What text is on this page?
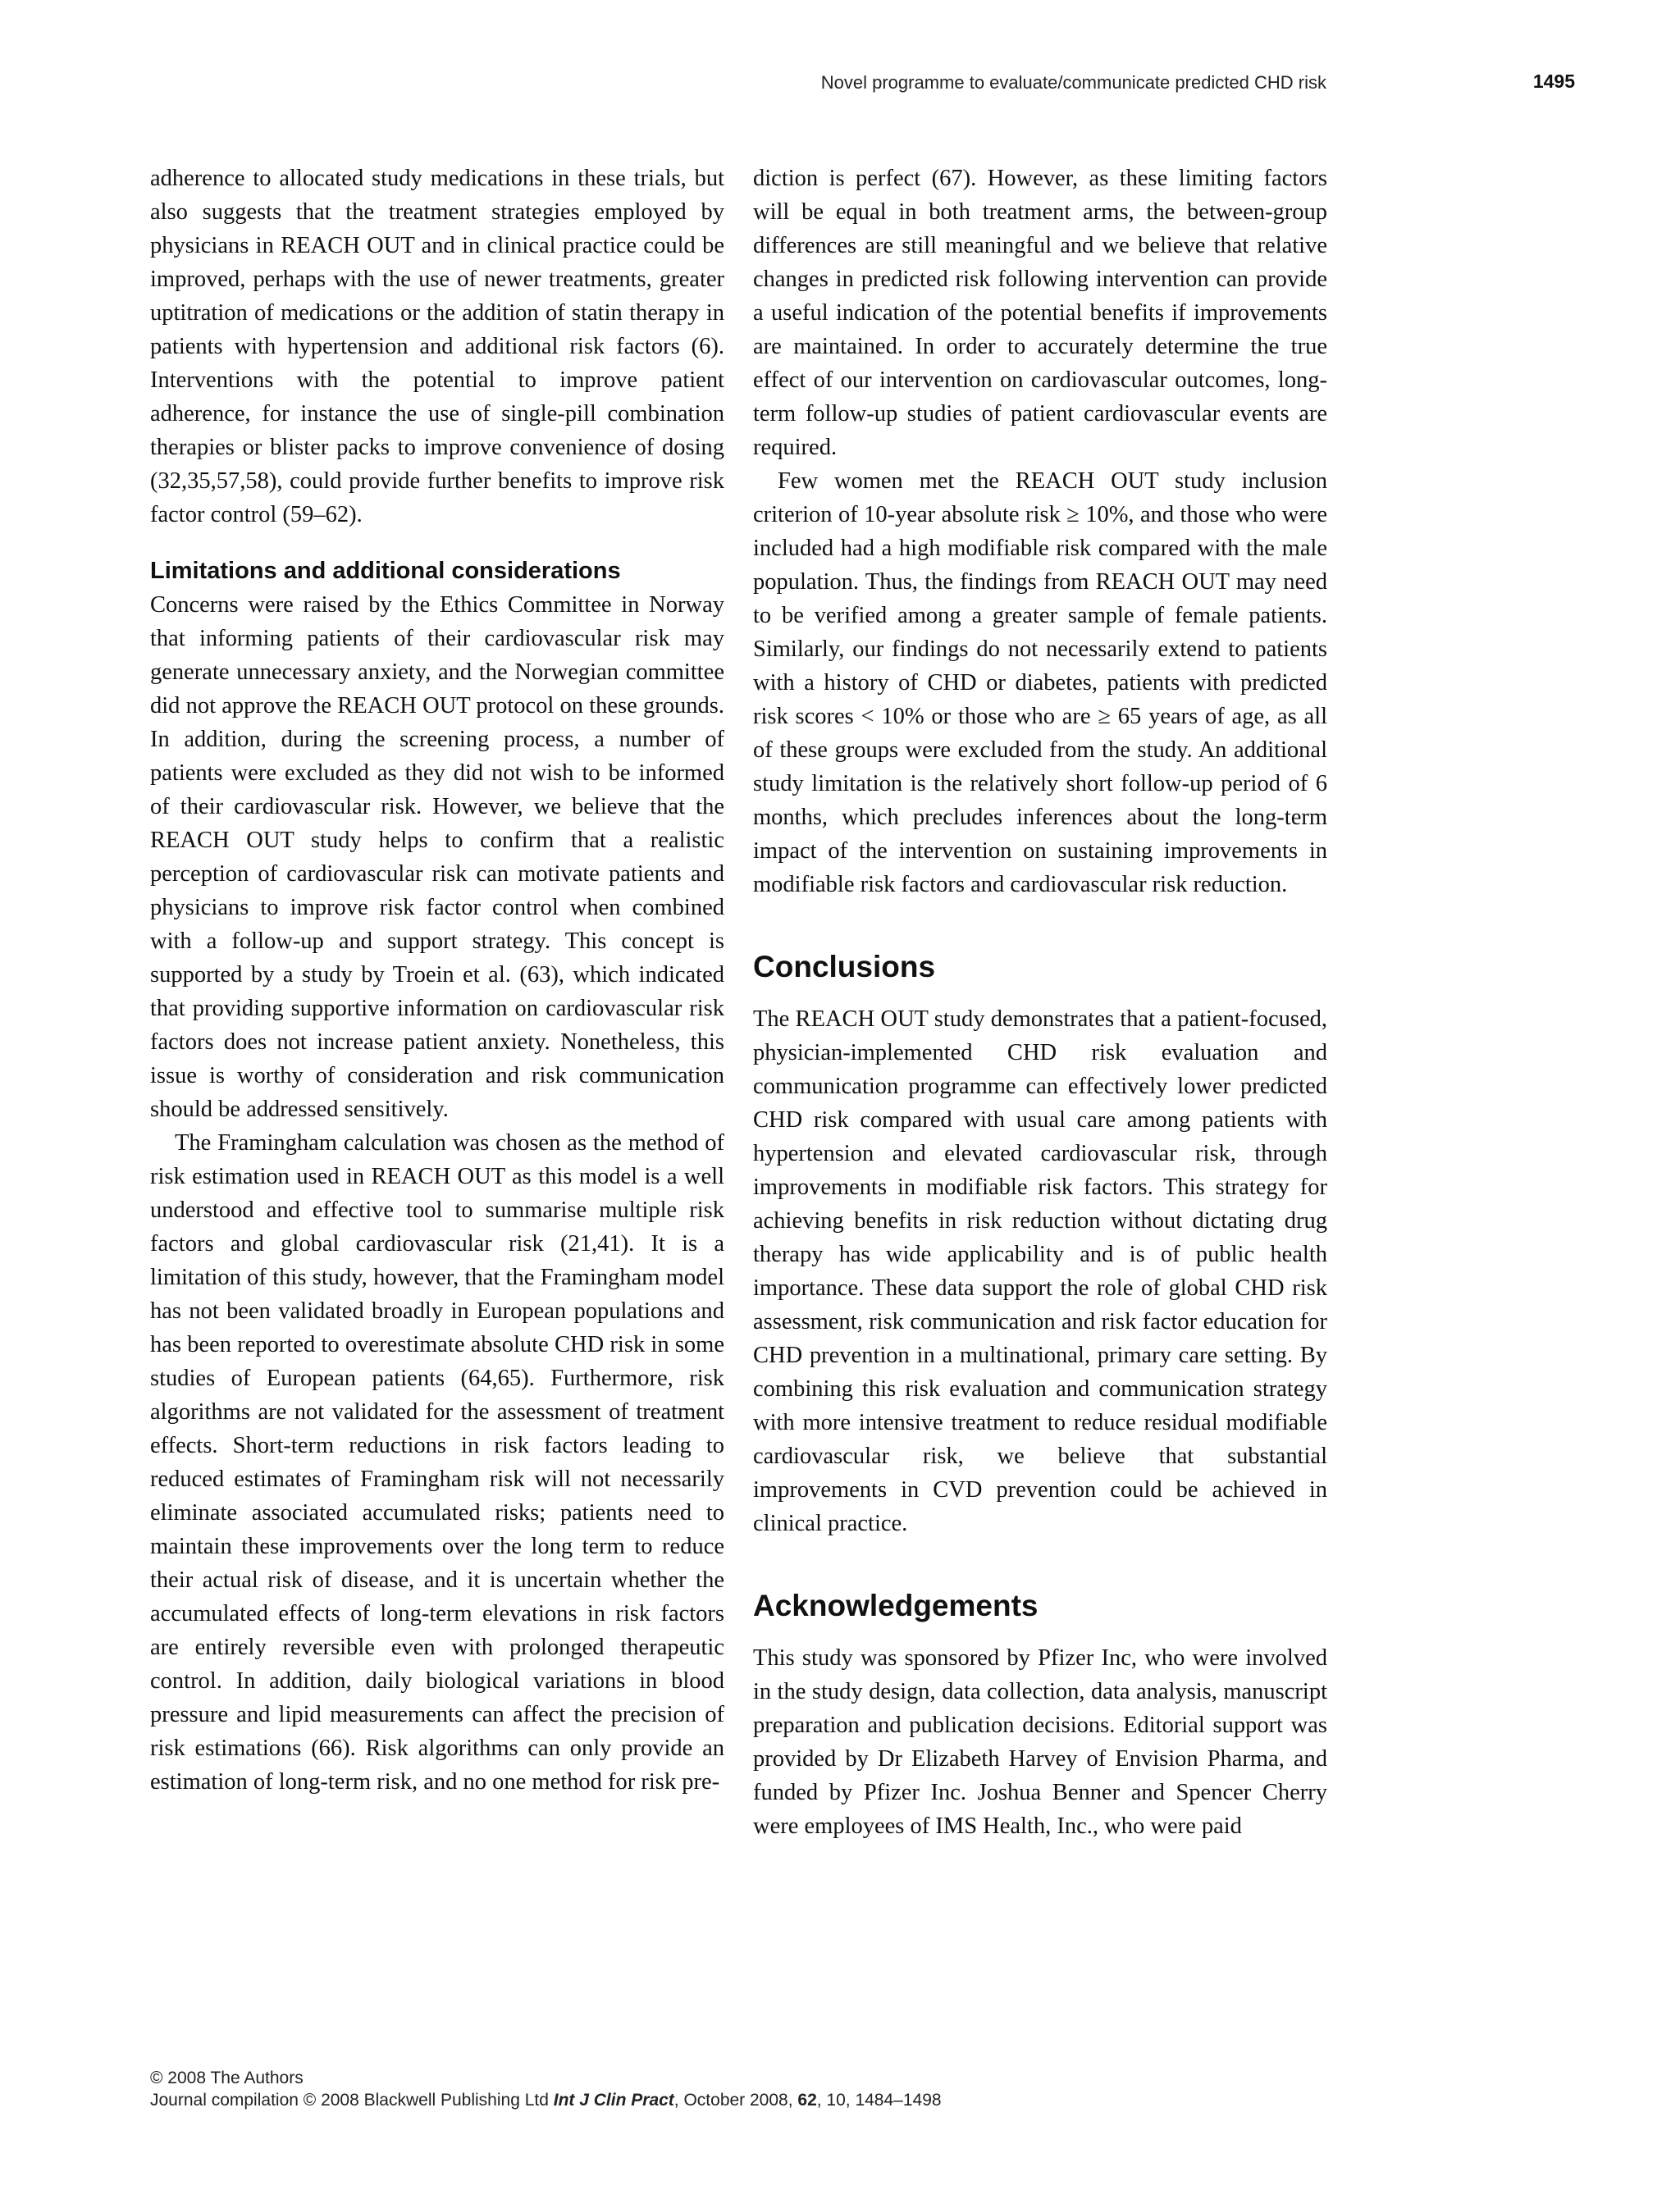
Novel programme to evaluate/communicate predicted CHD risk	1495

adherence to allocated study medications in these trials, but also suggests that the treatment strategies employed by physicians in REACH OUT and in clinical practice could be improved, perhaps with the use of newer treatments, greater uptitration of medications or the addition of statin therapy in patients with hypertension and additional risk factors (6). Interventions with the potential to improve patient adherence, for instance the use of single-pill combination therapies or blister packs to improve convenience of dosing (32,35,57,58), could provide further benefits to improve risk factor control (59–62).

Limitations and additional considerations

Concerns were raised by the Ethics Committee in Norway that informing patients of their cardiovascular risk may generate unnecessary anxiety, and the Norwegian committee did not approve the REACH OUT protocol on these grounds. In addition, during the screening process, a number of patients were excluded as they did not wish to be informed of their cardiovascular risk. However, we believe that the REACH OUT study helps to confirm that a realistic perception of cardiovascular risk can motivate patients and physicians to improve risk factor control when combined with a follow-up and support strategy. This concept is supported by a study by Troein et al. (63), which indicated that providing supportive information on cardiovascular risk factors does not increase patient anxiety. Nonetheless, this issue is worthy of consideration and risk communication should be addressed sensitively.

The Framingham calculation was chosen as the method of risk estimation used in REACH OUT as this model is a well understood and effective tool to summarise multiple risk factors and global cardiovascular risk (21,41). It is a limitation of this study, however, that the Framingham model has not been validated broadly in European populations and has been reported to overestimate absolute CHD risk in some studies of European patients (64,65). Furthermore, risk algorithms are not validated for the assessment of treatment effects. Short-term reductions in risk factors leading to reduced estimates of Framingham risk will not necessarily eliminate associated accumulated risks; patients need to maintain these improvements over the long term to reduce their actual risk of disease, and it is uncertain whether the accumulated effects of long-term elevations in risk factors are entirely reversible even with prolonged therapeutic control. In addition, daily biological variations in blood pressure and lipid measurements can affect the precision of risk estimations (66). Risk algorithms can only provide an estimation of long-term risk, and no one method for risk pre-

diction is perfect (67). However, as these limiting factors will be equal in both treatment arms, the between-group differences are still meaningful and we believe that relative changes in predicted risk following intervention can provide a useful indication of the potential benefits if improvements are maintained. In order to accurately determine the true effect of our intervention on cardiovascular outcomes, long-term follow-up studies of patient cardiovascular events are required.

Few women met the REACH OUT study inclusion criterion of 10-year absolute risk ≥ 10%, and those who were included had a high modifiable risk compared with the male population. Thus, the findings from REACH OUT may need to be verified among a greater sample of female patients. Similarly, our findings do not necessarily extend to patients with a history of CHD or diabetes, patients with predicted risk scores < 10% or those who are ≥ 65 years of age, as all of these groups were excluded from the study. An additional study limitation is the relatively short follow-up period of 6 months, which precludes inferences about the long-term impact of the intervention on sustaining improvements in modifiable risk factors and cardiovascular risk reduction.

Conclusions

The REACH OUT study demonstrates that a patient-focused, physician-implemented CHD risk evaluation and communication programme can effectively lower predicted CHD risk compared with usual care among patients with hypertension and elevated cardiovascular risk, through improvements in modifiable risk factors. This strategy for achieving benefits in risk reduction without dictating drug therapy has wide applicability and is of public health importance. These data support the role of global CHD risk assessment, risk communication and risk factor education for CHD prevention in a multinational, primary care setting. By combining this risk evaluation and communication strategy with more intensive treatment to reduce residual modifiable cardiovascular risk, we believe that substantial improvements in CVD prevention could be achieved in clinical practice.

Acknowledgements

This study was sponsored by Pfizer Inc, who were involved in the study design, data collection, data analysis, manuscript preparation and publication decisions. Editorial support was provided by Dr Elizabeth Harvey of Envision Pharma, and funded by Pfizer Inc. Joshua Benner and Spencer Cherry were employees of IMS Health, Inc., who were paid

© 2008 The Authors
Journal compilation © 2008 Blackwell Publishing Ltd Int J Clin Pract, October 2008, 62, 10, 1484–1498
